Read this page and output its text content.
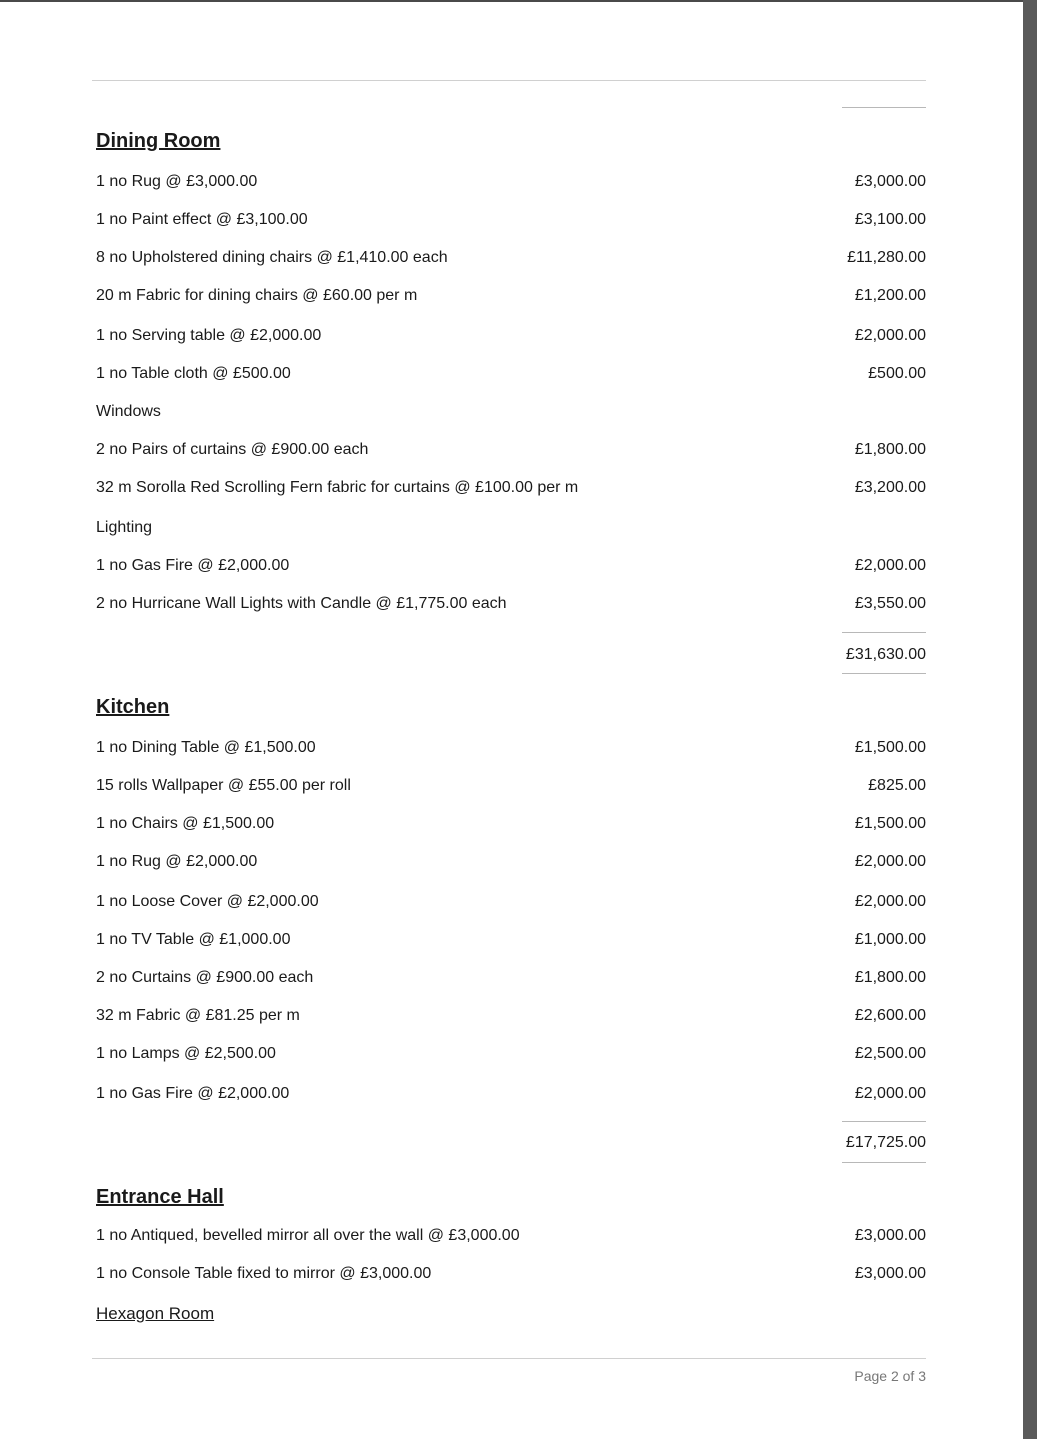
Dining Room
1 no Rug @ £3,000.00	£3,000.00
1 no Paint effect @ £3,100.00	£3,100.00
8 no Upholstered dining chairs @ £1,410.00 each	£11,280.00
20 m Fabric for dining chairs @ £60.00 per m	£1,200.00
1 no Serving table @ £2,000.00	£2,000.00
1 no Table cloth @ £500.00	£500.00
Windows
2 no Pairs of curtains @ £900.00 each	£1,800.00
32 m Sorolla Red Scrolling Fern fabric for curtains @ £100.00 per m	£3,200.00
Lighting
1 no Gas Fire @ £2,000.00	£2,000.00
2 no Hurricane Wall Lights with Candle @ £1,775.00 each	£3,550.00
£31,630.00
Kitchen
1 no Dining Table @ £1,500.00	£1,500.00
15 rolls Wallpaper @ £55.00 per roll	£825.00
1 no Chairs @ £1,500.00	£1,500.00
1 no Rug @ £2,000.00	£2,000.00
1 no Loose Cover @ £2,000.00	£2,000.00
1 no TV Table @ £1,000.00	£1,000.00
2 no Curtains @ £900.00 each	£1,800.00
32 m Fabric @ £81.25 per m	£2,600.00
1 no Lamps @ £2,500.00	£2,500.00
1 no Gas Fire @ £2,000.00	£2,000.00
£17,725.00
Entrance Hall
1 no Antiqued, bevelled mirror all over the wall @ £3,000.00	£3,000.00
1 no Console Table fixed to mirror @ £3,000.00	£3,000.00
Hexagon Room
Page 2 of 3
